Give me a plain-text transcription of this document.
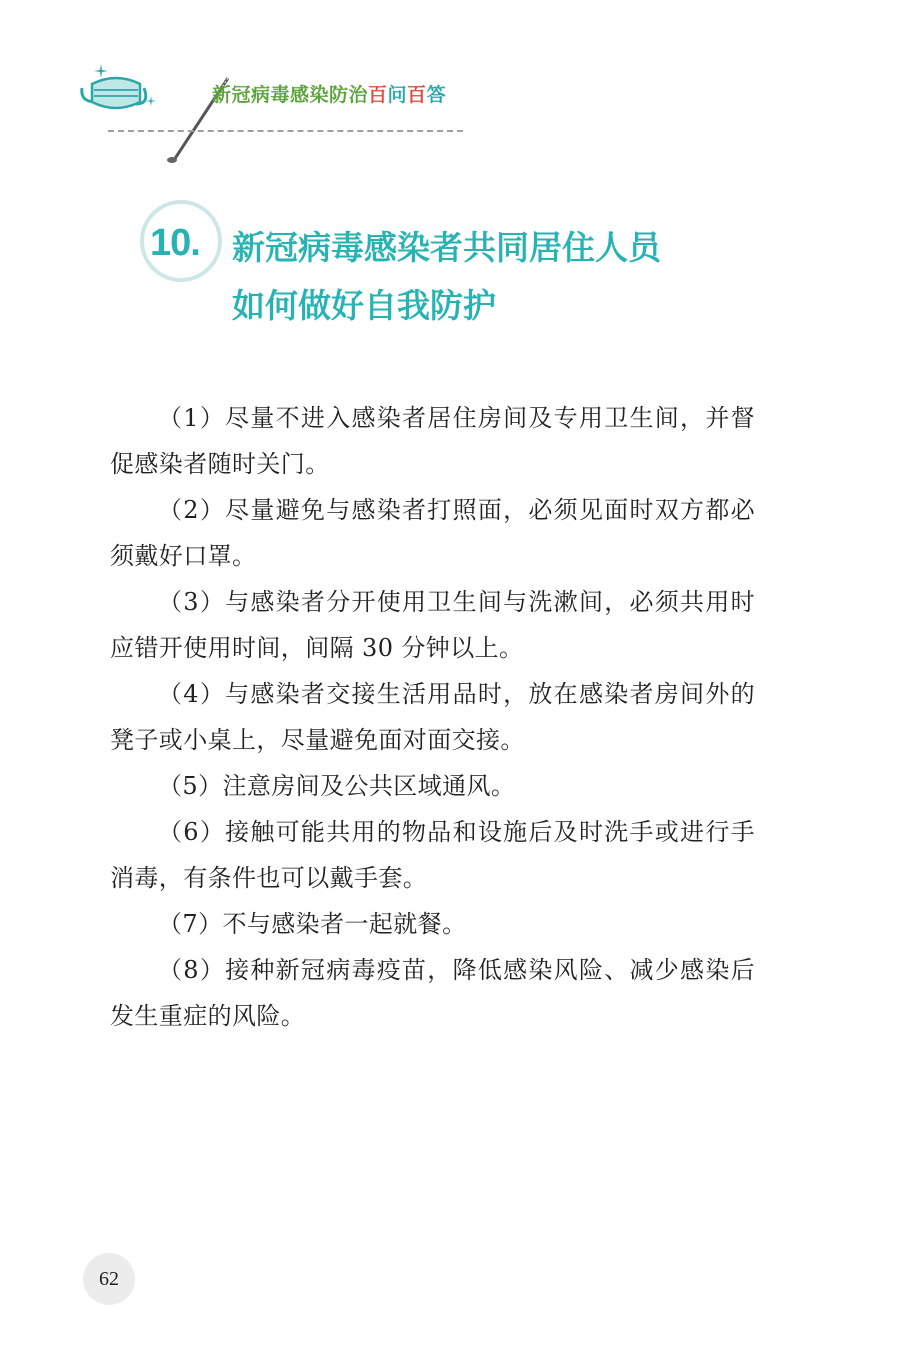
新冠病毒感染防治百问百答
10. 新冠病毒感染者共同居住人员
如何做好自我防护

（1）尽量不进入感染者居住房间及专用卫生间，并督促感染者随时关门。

（2）尽量避免与感染者打照面，必须见面时双方都必须戴好口罩。

（3）与感染者分开使用卫生间与洗漱间，必须共用时应错开使用时间，间隔 30 分钟以上。

（4）与感染者交接生活用品时，放在感染者房间外的凳子或小桌上，尽量避免面对面交接。

（5）注意房间及公共区域通风。

（6）接触可能共用的物品和设施后及时洗手或进行手消毒，有条件也可以戴手套。

（7）不与感染者一起就餐。

（8）接种新冠病毒疫苗，降低感染风险、减少感染后发生重症的风险。

62
